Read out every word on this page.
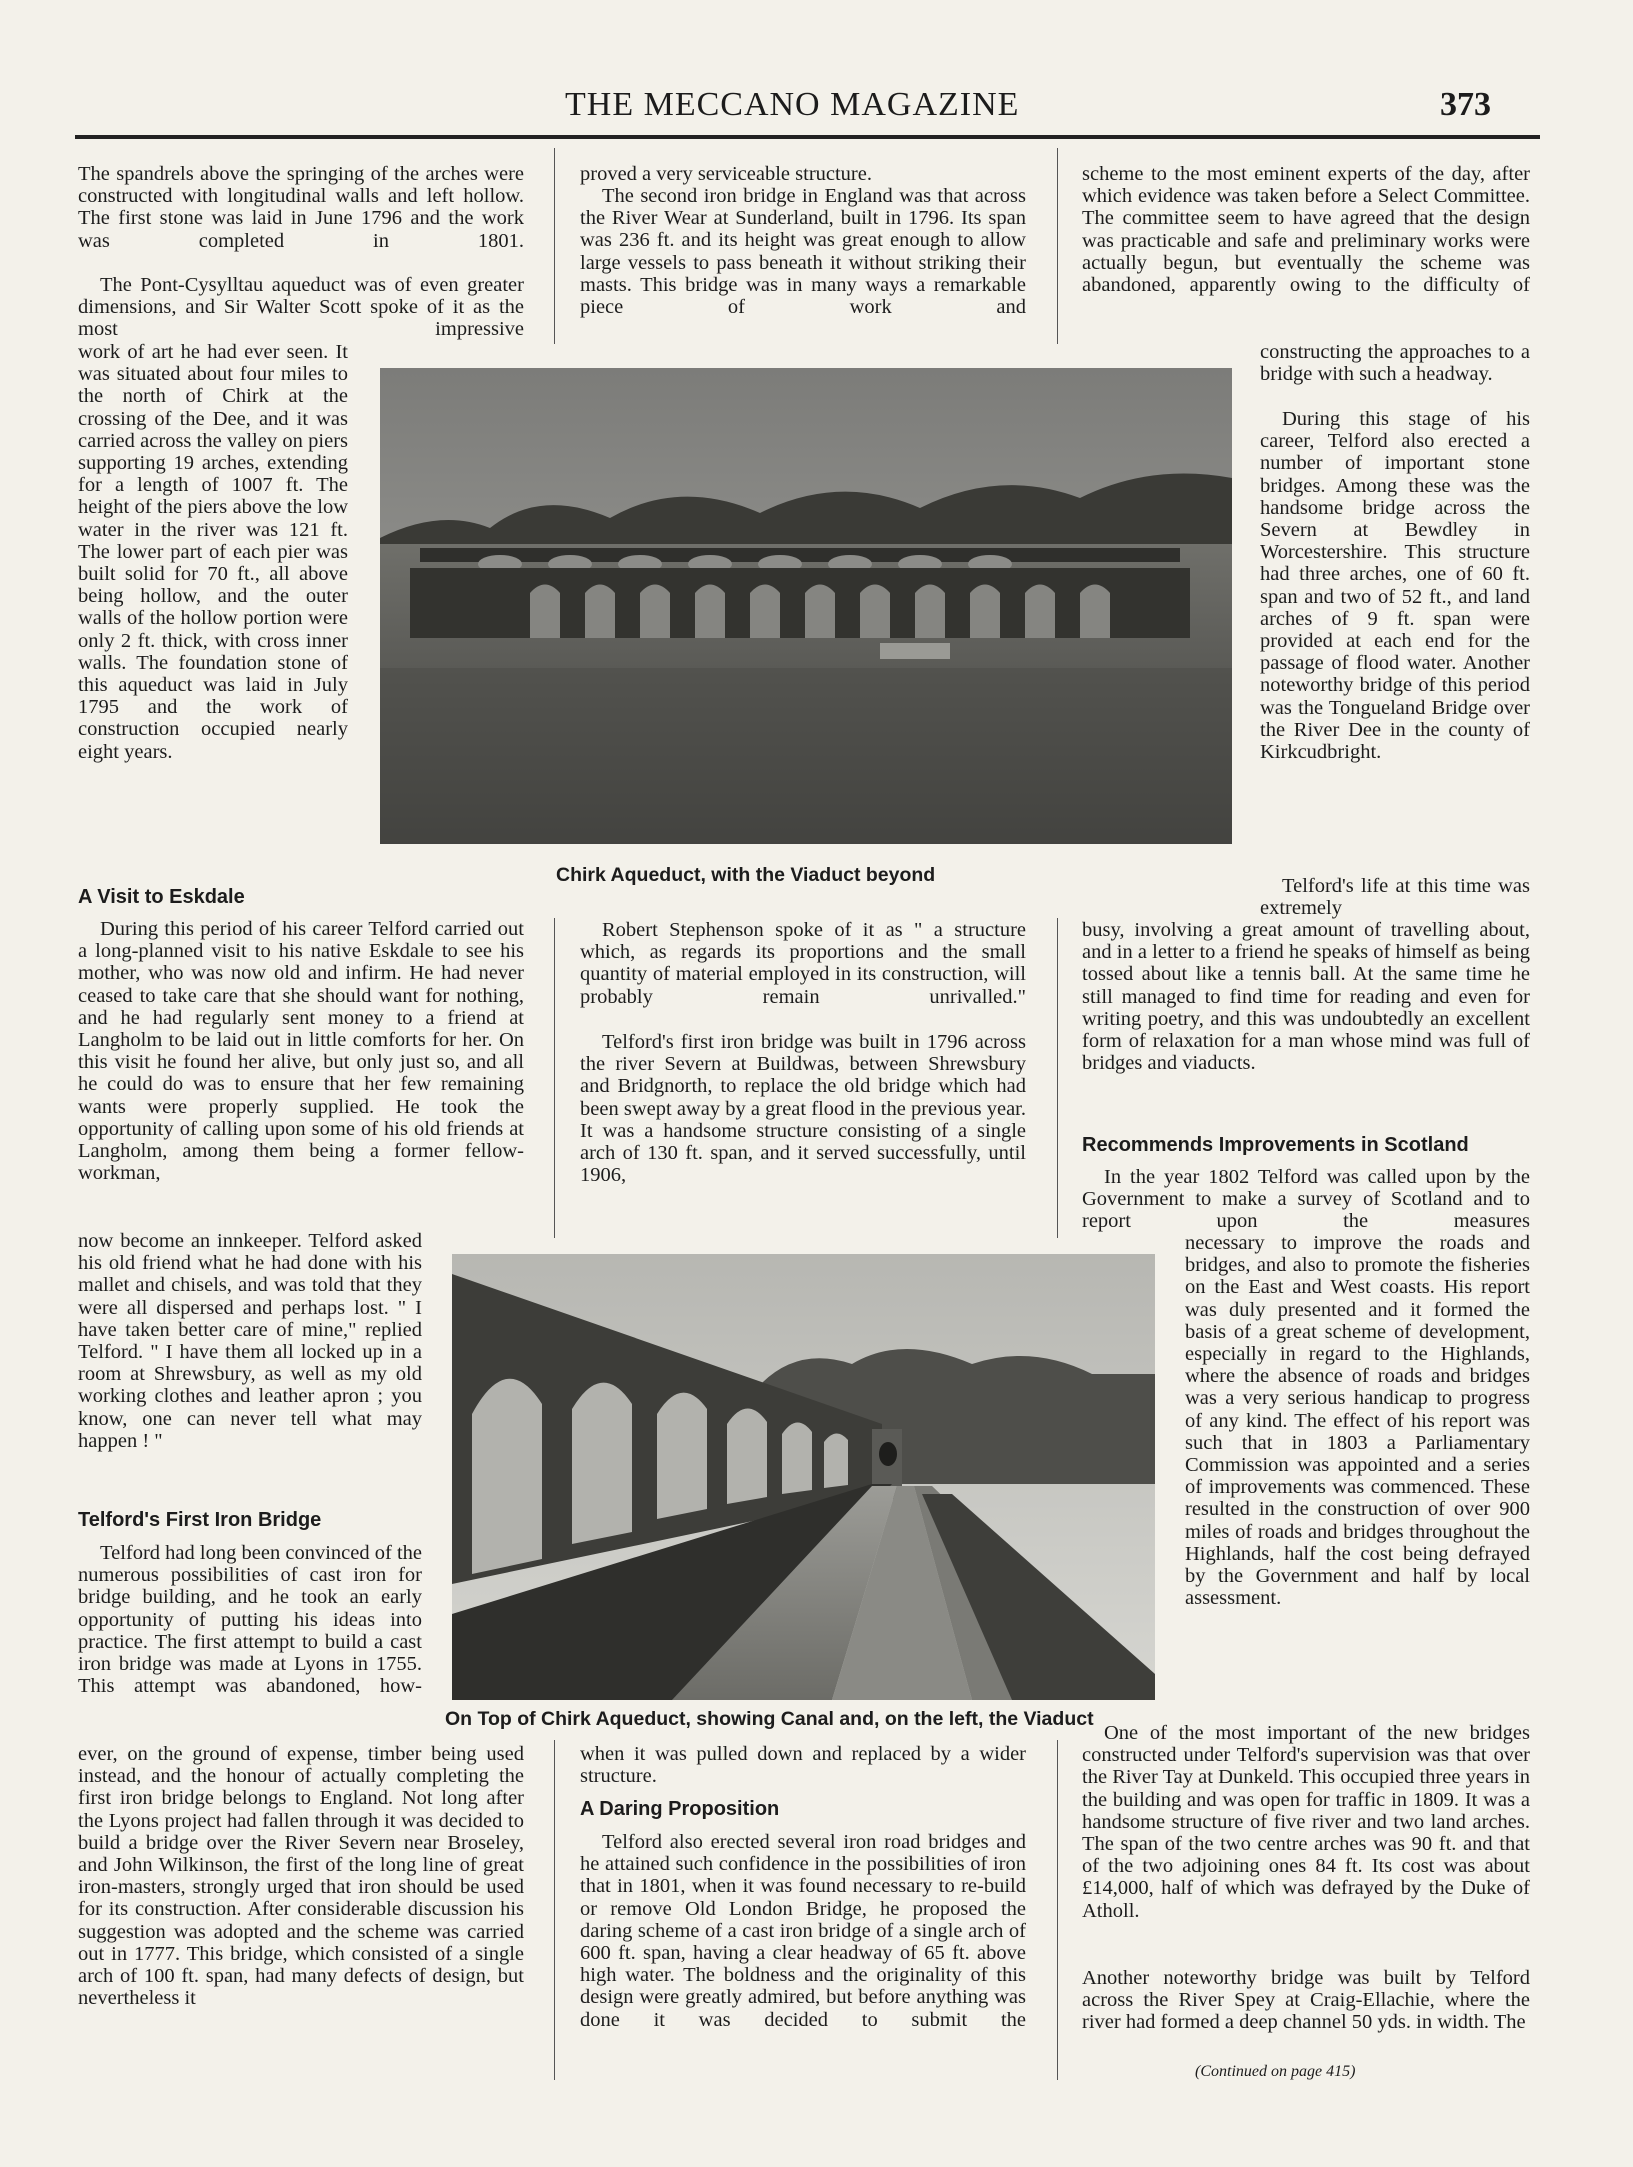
THE MECCANO MAGAZINE	373

The spandrels above the springing of the arches were constructed with longitudinal walls and left hollow. The first stone was laid in June 1796 and the work was completed in 1801.

The Pont-Cysylltau aqueduct was of even greater dimensions, and Sir Walter Scott spoke of it as the most impressive

work of art he had ever seen. It was situated about four miles to the north of Chirk at the crossing of the Dee, and it was carried across the valley on piers supporting 19 arches, extending for a length of 1007 ft. The height of the piers above the low water in the river was 121 ft. The lower part of each pier was built solid for 70 ft., all above being hollow, and the outer walls of the hollow portion were only 2 ft. thick, with cross inner walls. The foundation stone of this aqueduct was laid in July 1795 and the work of construction occupied nearly eight years.

A Visit to Eskdale

During this period of his career Telford carried out a long-planned visit to his native Eskdale to see his mother, who was now old and infirm. He had never ceased to take care that she should want for nothing, and he had regularly sent money to a friend at Langholm to be laid out in little comforts for her. On this visit he found her alive, but only just so, and all he could do was to ensure that her few remaining wants were properly supplied. He took the opportunity of calling upon some of his old friends at Langholm, among them being a former fellow-workman,

now become an innkeeper. Telford asked his old friend what he had done with his mallet and chisels, and was told that they were all dispersed and perhaps lost. " I have taken better care of mine," replied Telford. " I have them all locked up in a room at Shrewsbury, as well as my old working clothes and leather apron ; you know, one can never tell what may happen ! "

Telford's First Iron Bridge

Telford had long been convinced of the numerous possibilities of cast iron for bridge building, and he took an early opportunity of putting his ideas into practice. The first attempt to build a cast iron bridge was made at Lyons in 1755. This attempt was abandoned, how-

ever, on the ground of expense, timber being used instead, and the honour of actually completing the first iron bridge belongs to England. Not long after the Lyons project had fallen through it was decided to build a bridge over the River Severn near Broseley, and John Wilkinson, the first of the long line of great iron-masters, strongly urged that iron should be used for its construction. After considerable discussion his suggestion was adopted and the scheme was carried out in 1777. This bridge, which consisted of a single arch of 100 ft. span, had many defects of design, but nevertheless it

proved a very serviceable structure.

The second iron bridge in England was that across the River Wear at Sunderland, built in 1796. Its span was 236 ft. and its height was great enough to allow large vessels to pass beneath it without striking their masts. This bridge was in many ways a remarkable piece of work and

Robert Stephenson spoke of it as " a structure which, as regards its proportions and the small quantity of material employed in its construction, will probably remain unrivalled."

Telford's first iron bridge was built in 1796 across the river Severn at Buildwas, between Shrewsbury and Bridgnorth, to replace the old bridge which had been swept away by a great flood in the previous year. It was a handsome structure consisting of a single arch of 130 ft. span, and it served successfully, until 1906,

when it was pulled down and replaced by a wider structure.

A Daring Proposition

Telford also erected several iron road bridges and he attained such confidence in the possibilities of iron that in 1801, when it was found necessary to re-build or remove Old London Bridge, he proposed the daring scheme of a cast iron bridge of a single arch of 600 ft. span, having a clear headway of 65 ft. above high water. The boldness and the originality of this design were greatly admired, but before anything was done it was decided to submit the

scheme to the most eminent experts of the day, after which evidence was taken before a Select Committee. The committee seem to have agreed that the design was practicable and safe and preliminary works were actually begun, but eventually the scheme was abandoned, apparently owing to the difficulty of

constructing the approaches to a bridge with such a headway.

During this stage of his career, Telford also erected a number of important stone bridges. Among these was the handsome bridge across the Severn at Bewdley in Worcestershire. This structure had three arches, one of 60 ft. span and two of 52 ft., and land arches of 9 ft. span were provided at each end for the passage of flood water. Another noteworthy bridge of this period was the Tongueland Bridge over the River Dee in the county of Kirkcudbright.

Telford's life at this time was extremely

busy, involving a great amount of travelling about, and in a letter to a friend he speaks of himself as being tossed about like a tennis ball. At the same time he still managed to find time for reading and even for writing poetry, and this was undoubtedly an excellent form of relaxation for a man whose mind was full of bridges and viaducts.

Recommends Improvements in Scotland

In the year 1802 Telford was called upon by the Government to make a survey of Scotland and to report upon the measures

necessary to improve the roads and bridges, and also to promote the fisheries on the East and West coasts. His report was duly presented and it formed the basis of a great scheme of development, especially in regard to the Highlands, where the absence of roads and bridges was a very serious handicap to progress of any kind. The effect of his report was such that in 1803 a Parliamentary Commission was appointed and a series of improvements was commenced. These resulted in the construction of over 900 miles of roads and bridges throughout the Highlands, half the cost being defrayed by the Government and half by local assessment.

One of the most important of the new bridges constructed under Telford's supervision was that over the River Tay at Dunkeld. This occupied three years in the building and was open for traffic in 1809. It was a handsome structure of five river and two land arches. The span of the two centre arches was 90 ft. and that of the two adjoining ones 84 ft. Its cost was about £14,000, half of which was defrayed by the Duke of Atholl.

Another noteworthy bridge was built by Telford across the River Spey at Craig-Ellachie, where the river had formed a deep channel 50 yds. in width. The

(Continued on page 415)

Chirk Aqueduct, with the Viaduct beyond

On Top of Chirk Aqueduct, showing Canal and, on the left, the Viaduct
